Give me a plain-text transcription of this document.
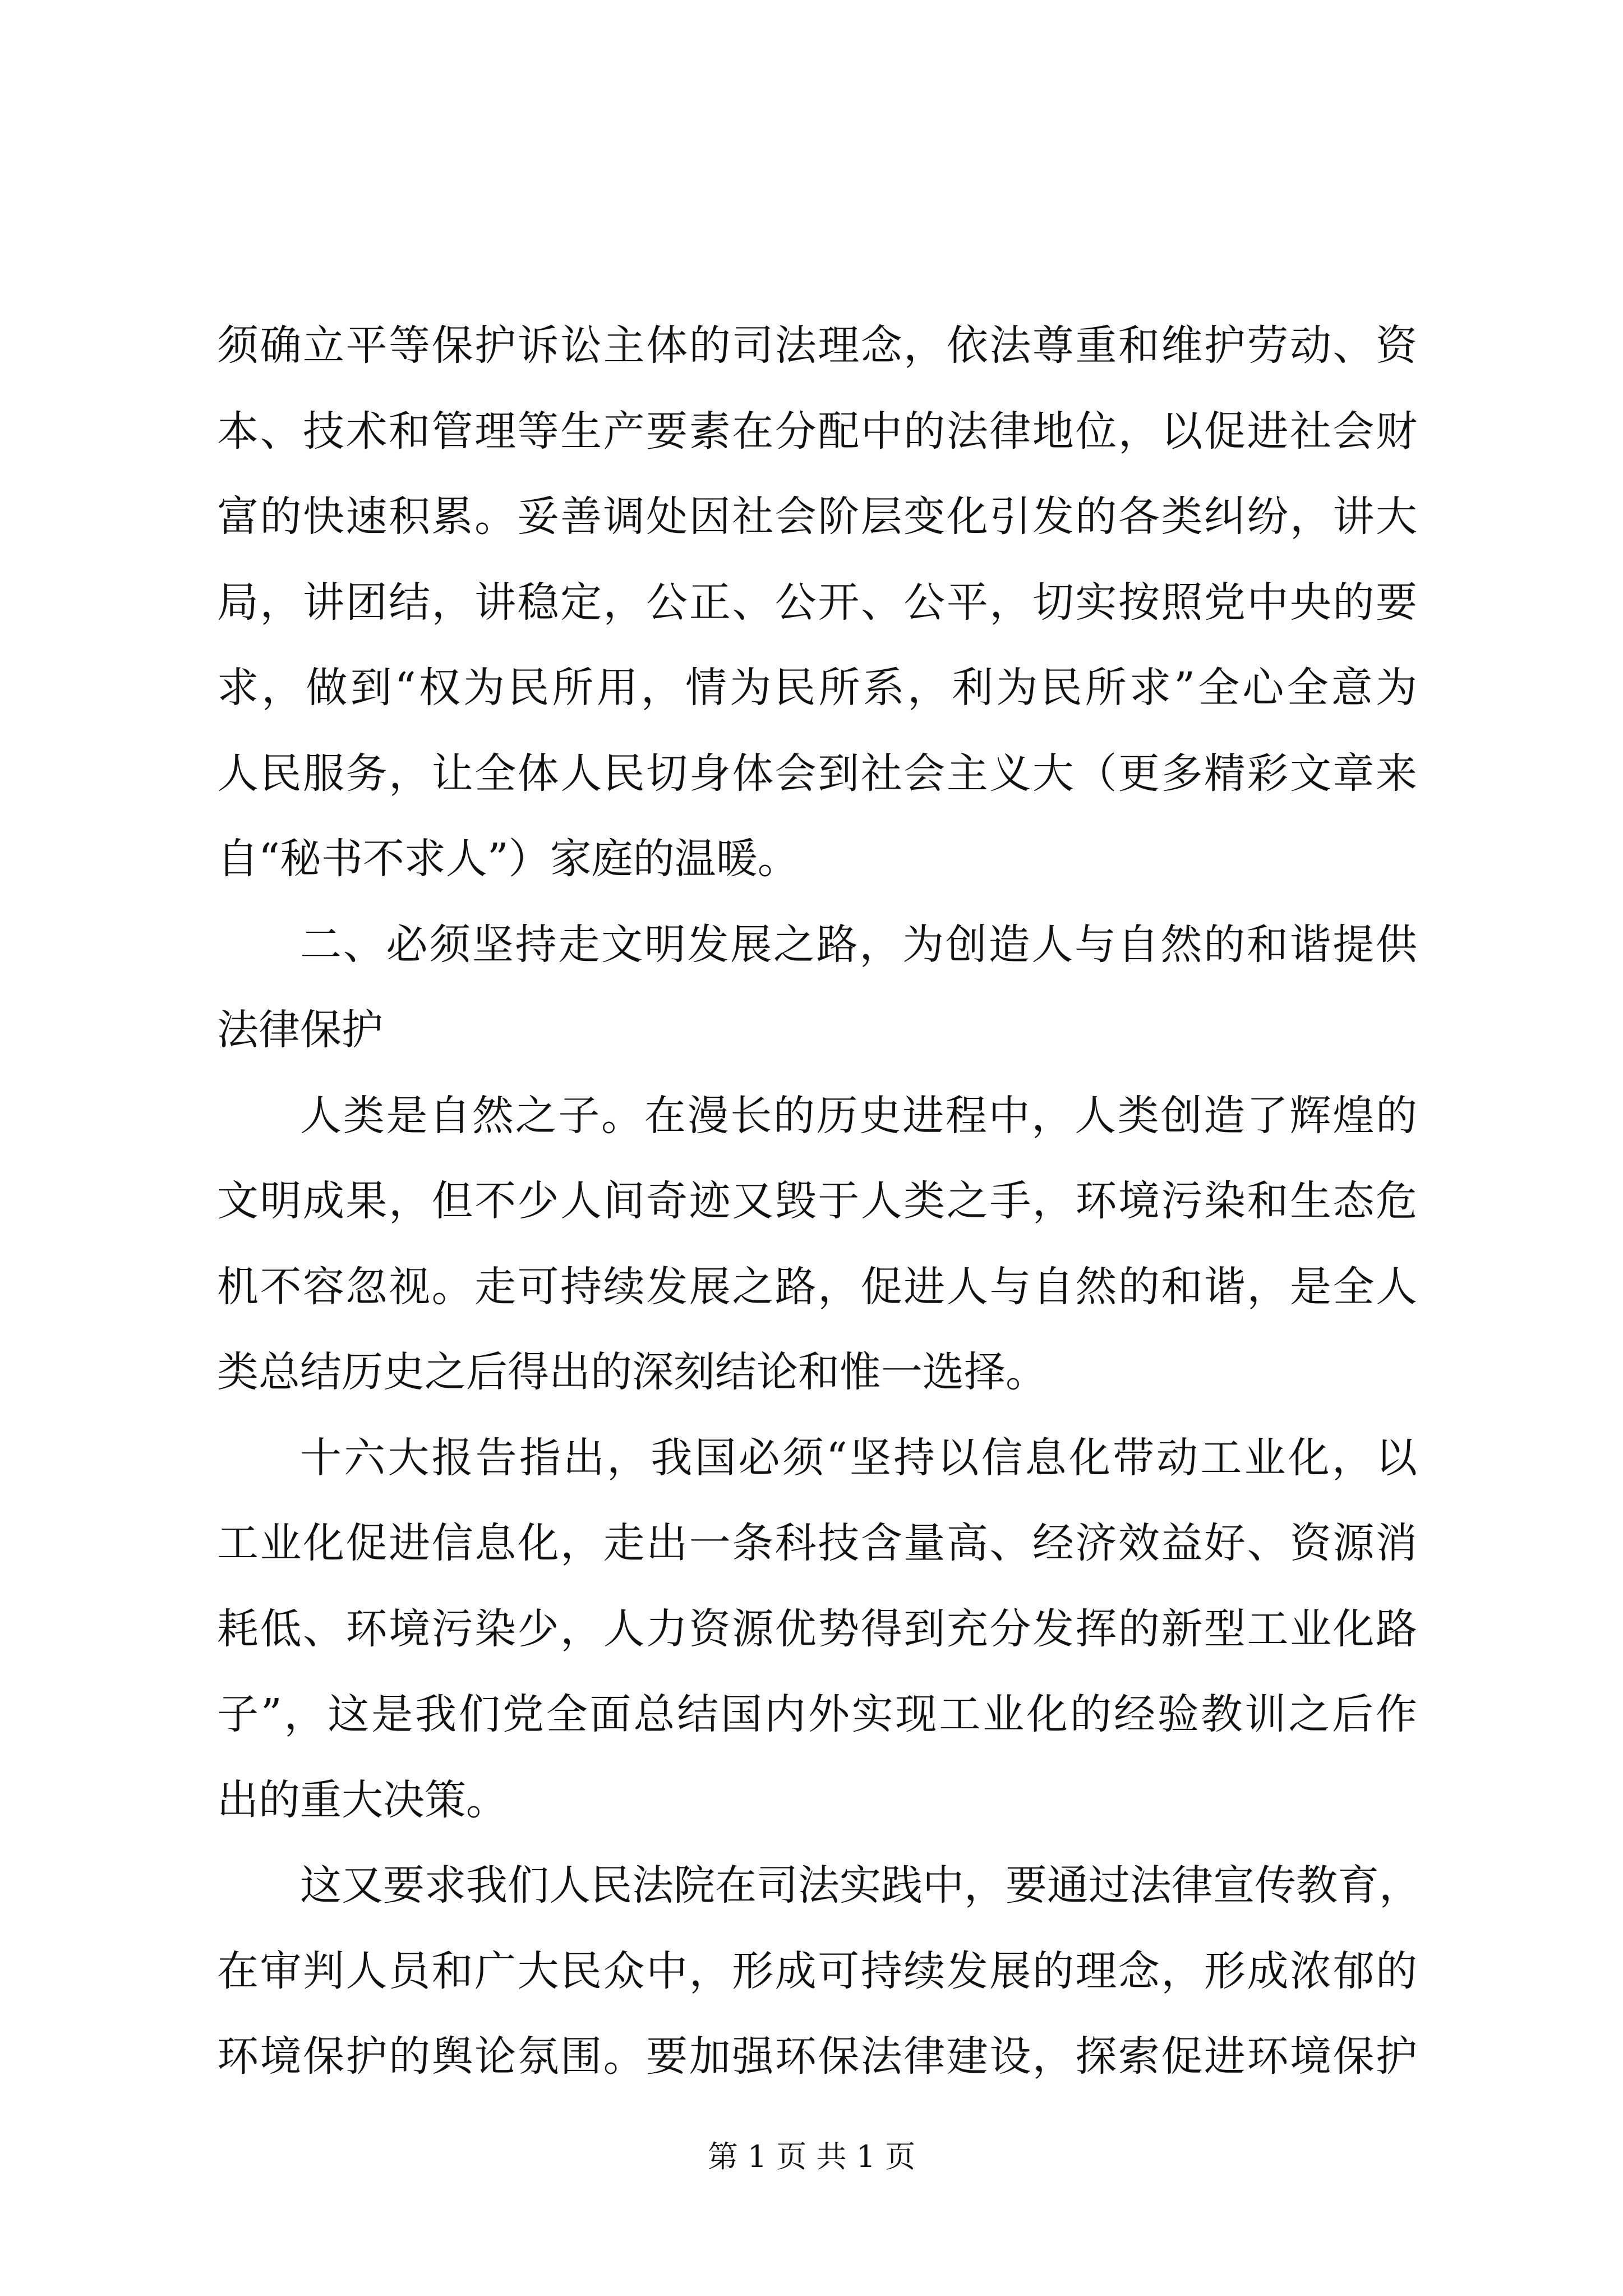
须确立平等保护诉讼主体的司法理念，依法尊重和维护劳动、资
本、技术和管理等生产要素在分配中的法律地位，以促进社会财
富的快速积累。妥善调处因社会阶层变化引发的各类纠纷，讲大
局，讲团结，讲稳定，公正、公开、公平，切实按照党中央的要
求，做到“权为民所用，情为民所系，利为民所求”全心全意为
人民服务，让全体人民切身体会到社会主义大（更多精彩文章来
自“秘书不求人”）家庭的温暖。
二、必须坚持走文明发展之路，为创造人与自然的和谐提供
法律保护
人类是自然之子。在漫长的历史进程中，人类创造了辉煌的
文明成果，但不少人间奇迹又毁于人类之手，环境污染和生态危
机不容忽视。走可持续发展之路，促进人与自然的和谐，是全人
类总结历史之后得出的深刻结论和惟一选择。
十六大报告指出，我国必须“坚持以信息化带动工业化，以
工业化促进信息化，走出一条科技含量高、经济效益好、资源消
耗低、环境污染少，人力资源优势得到充分发挥的新型工业化路
子”，这是我们党全面总结国内外实现工业化的经验教训之后作
出的重大决策。
这又要求我们人民法院在司法实践中，要通过法律宣传教育，
在审判人员和广大民众中，形成可持续发展的理念，形成浓郁的
环境保护的舆论氛围。要加强环保法律建设，探索促进环境保护
第 1 页 共 1 页
